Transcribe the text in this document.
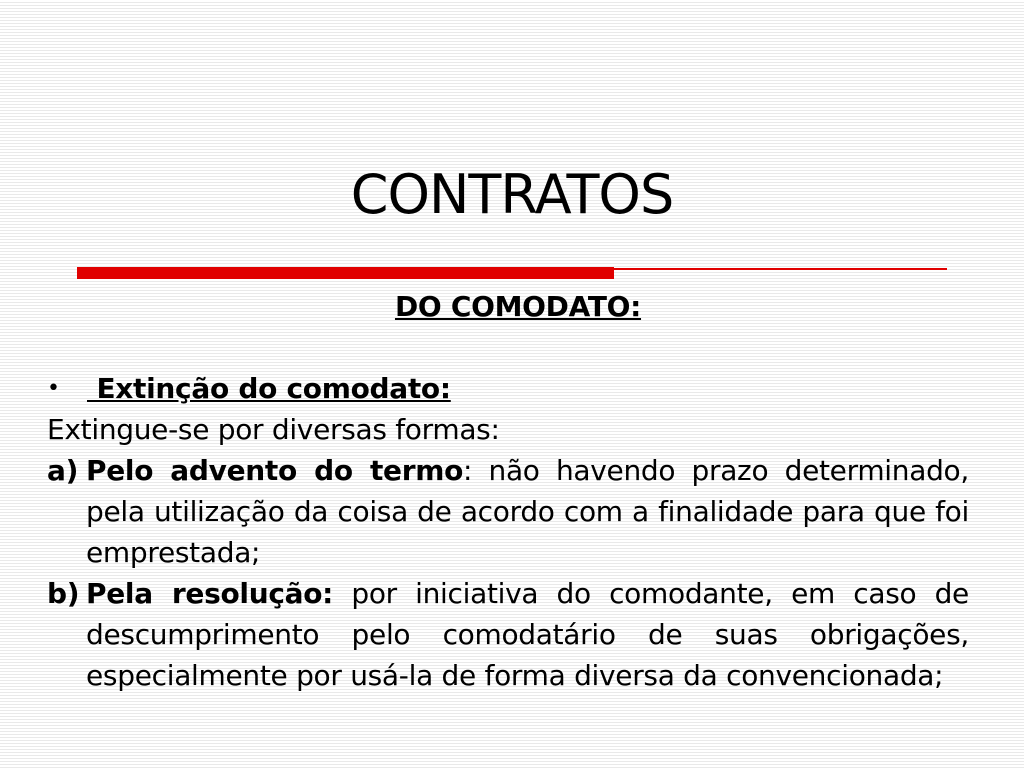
CONTRATOS
DO COMODATO:
• Extinção do comodato:
Extingue-se por diversas formas:
a) Pelo advento do termo: não havendo prazo determinado, pela utilização da coisa de acordo com a finalidade para que foi emprestada;
b) Pela resolução: por iniciativa do comodante, em caso de descumprimento pelo comodatário de suas obrigações, especialmente por usá-la de forma diversa da convencionada;
